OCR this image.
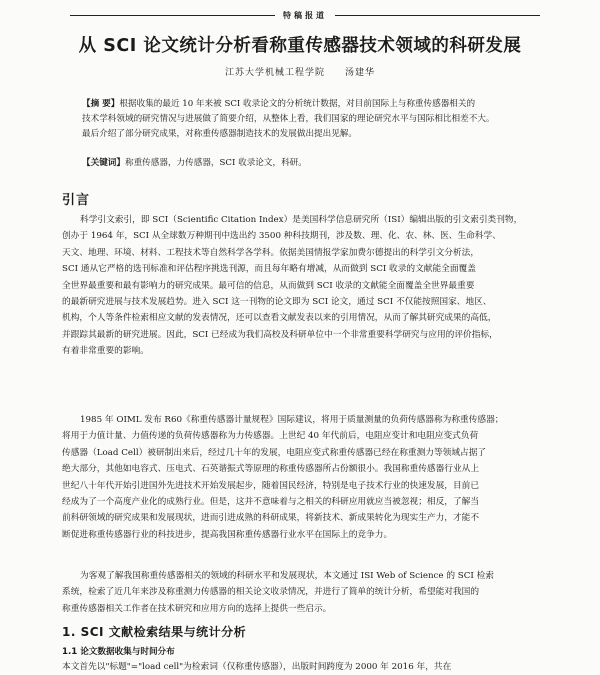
特稿报道
从 SCI 论文统计分析看称重传感器技术领域的科研发展
江苏大学机械工程学院 汤建华
【摘 要】根据收集的最近 10 年来被 SCI 收录论文的分析统计数据，对目前国际上与称重传感器相关的
技术学科领域的研究情况与进展做了简要介绍，从整体上看，我们国家的理论研究水平与国际相比相差不大。
最后介绍了部分研究成果，对称重传感器制造技术的发展做出提出见解。
【关键词】称重传感器，力传感器，SCI 收录论文，科研。
引言
科学引文索引，即 SCI（Scientific Citation Index）是美国科学信息研究所（ISI）编辑出版的引文索引类刊物，
创办于 1964 年，SCI 从全球数万种期刊中选出约 3500 种科技期刊，涉及数、理、化、农、林、医、生命科学、
天文、地理、环境、材料、工程技术等自然科学各学科。依据美国情报学家加费尔德提出的科学引文分析法，
SCI 通从它严格的选刊标准和评估程序挑选刊源，而且每年略有增减，从而做到 SCI 收录的文献能全面覆盖
全世界最重要和最有影响力的研究成果。最可信的信息，从而做到 SCI 收录的文献能全面覆盖全世界最重要
的最新研究进展与技术发展趋势。进入 SCI 这一刊物的论文即为 SCI 论文，通过 SCI 不仅能按照国家、地区、
机构，个人等条件检索相应文献的发表情况，还可以查看文献发表以来的引用情况，从而了解其研究成果的高低，
并跟踪其最新的研究进展。因此，SCI 已经成为我们高校及科研单位中一个非常重要科学研究与应用的评价指标，
有着非常重要的影响。
1985 年 OIML 发布 R60《称重传感器计量规程》国际建议，将用于质量测量的负荷传感器称为称重传感器；
将用于力值计量、力值传递的负荷传感器称为力传感器。上世纪 40 年代前后，电阻应变计和电阻应变式负荷
传感器（Load Cell）被研制出来后，经过几十年的发展，电阻应变式称重传感器已经在称重测力等领域占据了
绝大部分，其他如电容式、压电式、石英谐振式等原理的称重传感器所占份额很小。我国称重传感器行业从上
世纪八十年代开始引进国外先进技术开始发展起步，随着国民经济，特别是电子技术行业的快速发展，目前已
经成为了一个高度产业化的成熟行业。但是，这并不意味着与之相关的科研应用就应当被忽视；相反，了解当
前科研领域的研究成果和发展现状，进而引进成熟的科研成果，将新技术、新成果转化为现实生产力，才能不
断促进称重传感器行业的科技进步，提高我国称重传感器行业水平在国际上的竞争力。
为客观了解我国称重传感器相关的领域的科研水平和发展现状，本文通过 ISI Web of Science 的 SCI 检索
系统，检索了近几年来涉及称重测力传感器的相关论文收录情况，并进行了简单的统计分析，希望能对我国的
称重传感器相关工作者在技术研究和应用方向的选择上提供一些启示。
1. SCI 文献检索结果与统计分析
1.1 论文数据收集与时间分布
本文首先以"标题"="load cell"为检索词（仅称重传感器），出版时间跨度为 2000 年 2016 年，共在
